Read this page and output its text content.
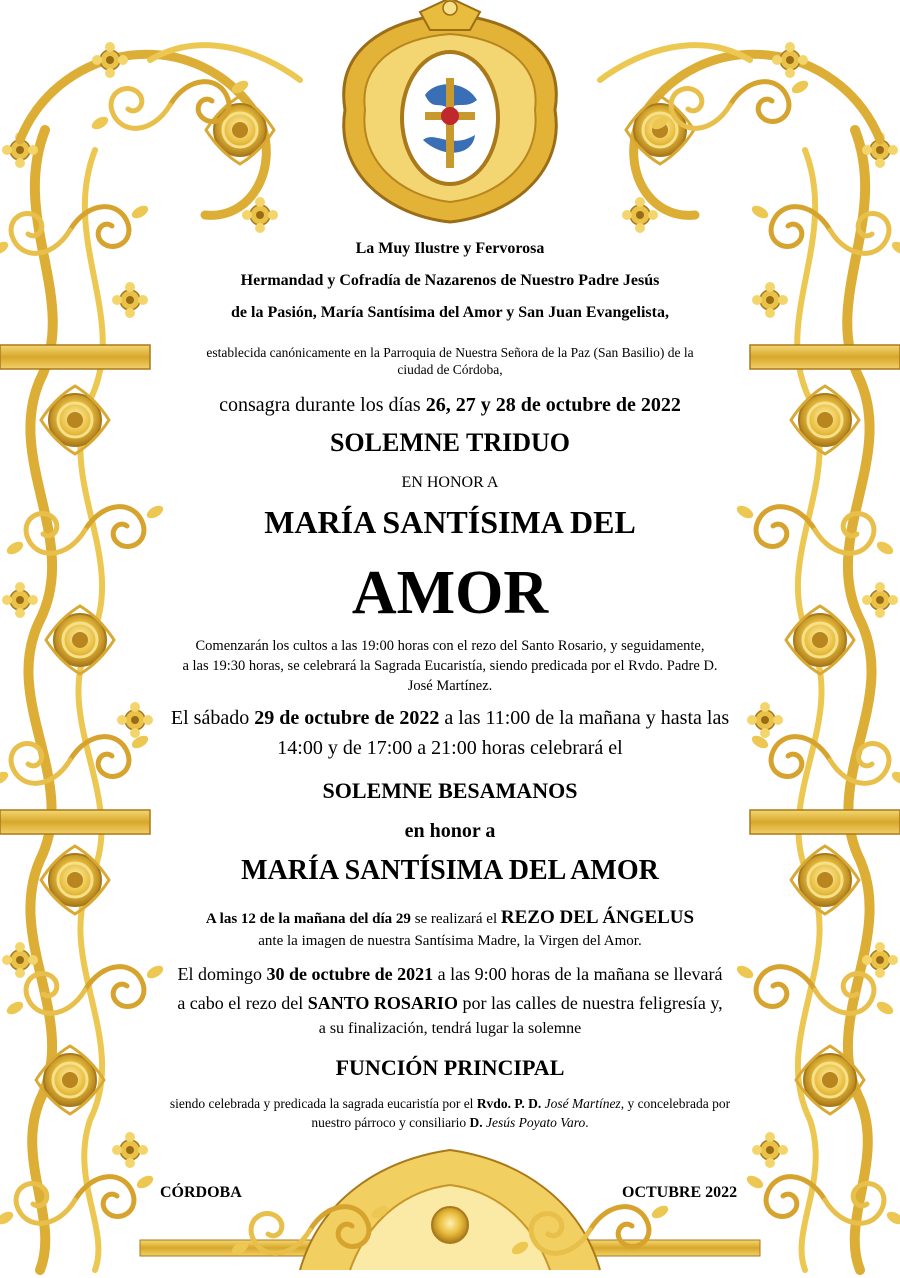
La Muy Ilustre y Fervorosa

Hermandad y Cofradía de Nazarenos de Nuestro Padre Jesús

de la Pasión, María Santísima del Amor y San Juan Evangelista,

establecida canónicamente en la Parroquia de Nuestra Señora de la Paz (San Basilio) de la

ciudad de Córdoba,

consagra durante los días 26, 27 y 28 de octubre de 2022

SOLEMNE TRIDUO

EN HONOR A

MARÍA SANTÍSIMA DEL

AMOR

Comenzarán los cultos a las 19:00 horas con el rezo del Santo Rosario, y seguidamente,

a las 19:30 horas, se celebrará la Sagrada Eucaristía, siendo predicada por el Rvdo. Padre D.

José Martínez.

El sábado 29 de octubre de 2022 a las 11:00 de la mañana y hasta las

14:00 y de 17:00 a 21:00 horas celebrará el

SOLEMNE BESAMANOS

en honor a

MARÍA SANTÍSIMA DEL AMOR

A las 12 de la mañana del día 29 se realizará el REZO DEL ÁNGELUS

ante la imagen de nuestra Santísima Madre, la Virgen del Amor.

El domingo 30 de octubre de 2021 a las 9:00 horas de la mañana se llevará

a cabo el rezo del SANTO ROSARIO por las calles de nuestra feligresía y,

a su finalización, tendrá lugar la solemne

FUNCIÓN PRINCIPAL

siendo celebrada y predicada la sagrada eucaristía por el Rvdo. P. D. José Martínez, y concelebrada por

nuestro párroco y consiliario D. Jesús Poyato Varo.

CÓRDOBA	OCTUBRE 2022
